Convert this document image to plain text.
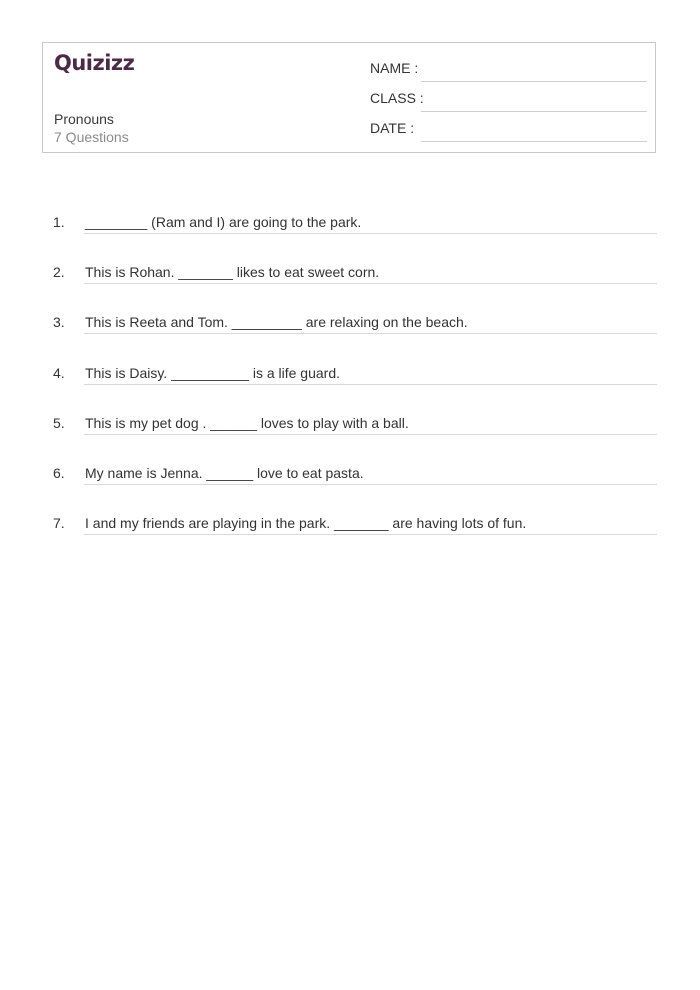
Quizizz
Pronouns
7 Questions
NAME :
CLASS :
DATE :
1. ________ (Ram and I) are going to the park.
2. This is Rohan. _______ likes to eat sweet corn.
3. This is Reeta and Tom. _________ are relaxing on the beach.
4. This is Daisy. __________ is a life guard.
5. This is my pet dog . ______ loves to play with a ball.
6. My name is Jenna. ______ love to eat pasta.
7. I and my friends are playing in the park. _______ are having lots of fun.
